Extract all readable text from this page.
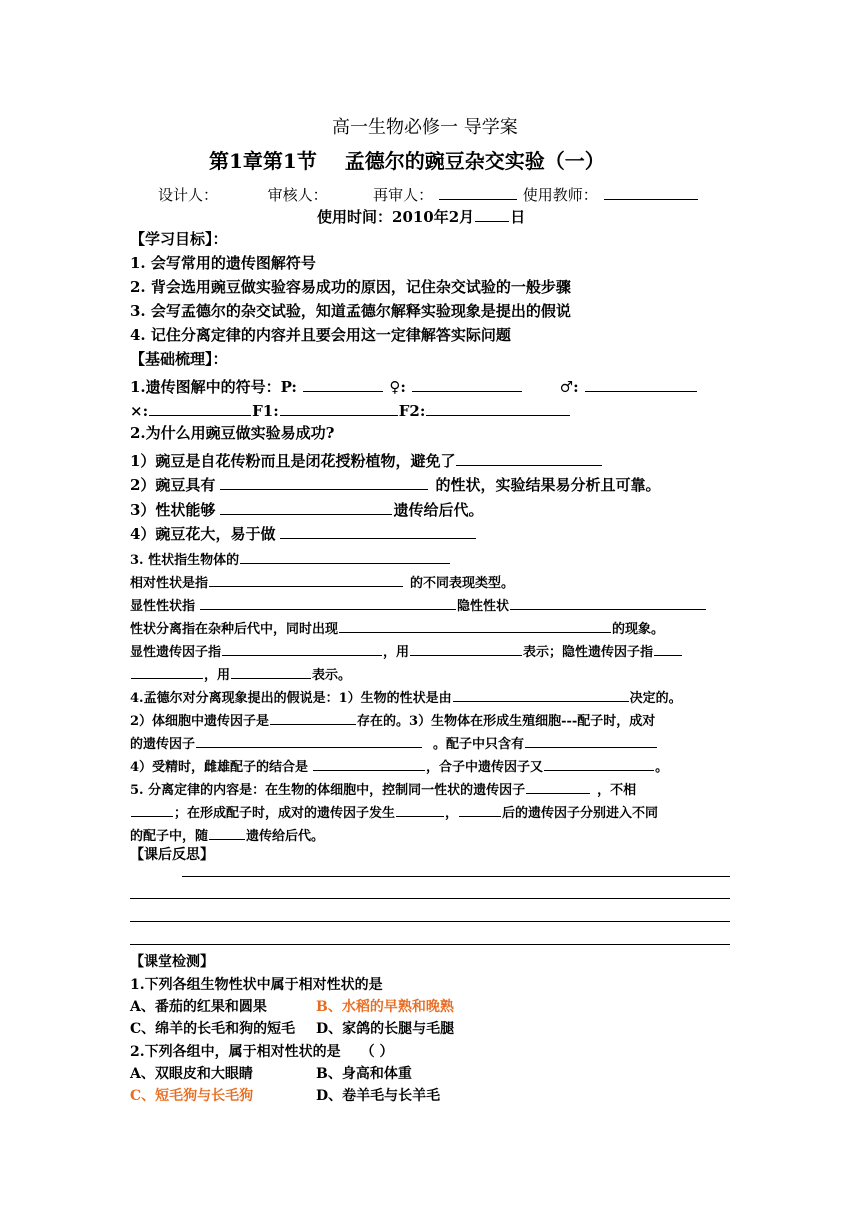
高一生物必修一 导学案
第1章第1节 孟德尔的豌豆杂交实验（一）
设计人：	审核人：	再审人：	使用教师：
使用时间：2010年2月 日
【学习目标】：
1. 会写常用的遗传图解符号
2. 背会选用豌豆做实验容易成功的原因，记住杂交试验的一般步骤
3. 会写孟德尔的杂交试验，知道孟德尔解释实验现象是提出的假说
4. 记住分离定律的内容并且要会用这一定律解答实际问题
【基础梳理】：
1.遗传图解中的符号：P:	♀:	♂:
×:	F1:	F2:
2.为什么用豌豆做实验易成功?
1）豌豆是自花传粉而且是闭花授粉植物，避免了
2）豌豆具有	的性状，实验结果易分析且可靠。
3）性状能够	遗传给后代。
4）豌豆花大，易于做
3. 性状指生物体的
相对性状是指	的不同表现类型。
显性性状指	隐性性状
性状分离指在杂种后代中，同时出现	的现象。
显性遗传因子指	，用	表示；隐性遗传因子指
，用	表示。
4.孟德尔对分离现象提出的假说是：1）生物的性状是由	决定的。
2）体细胞中遗传因子是	存在的。3）生物体在形成生殖细胞---配子时，成对
的遗传因子	。配子中只含有
4）受精时，雌雄配子的结合是	，合子中遗传因子又	。
5. 分离定律的内容是：在生物的体细胞中，控制同一性状的遗传因子	，不相
；在形成配子时，成对的遗传因子发生	，	后的遗传因子分别进入不同
的配子中，随	遗传给后代。
【课后反思】
【课堂检测】
1.下列各组生物性状中属于相对性状的是
A、番茄的红果和圆果	B、水稻的早熟和晚熟
C、绵羊的长毛和狗的短毛 D、家鸽的长腿与毛腿
2.下列各组中，属于相对性状的是 （ ）
A、双眼皮和大眼睛	B、身高和体重
C、短毛狗与长毛狗	D、卷羊毛与长羊毛
